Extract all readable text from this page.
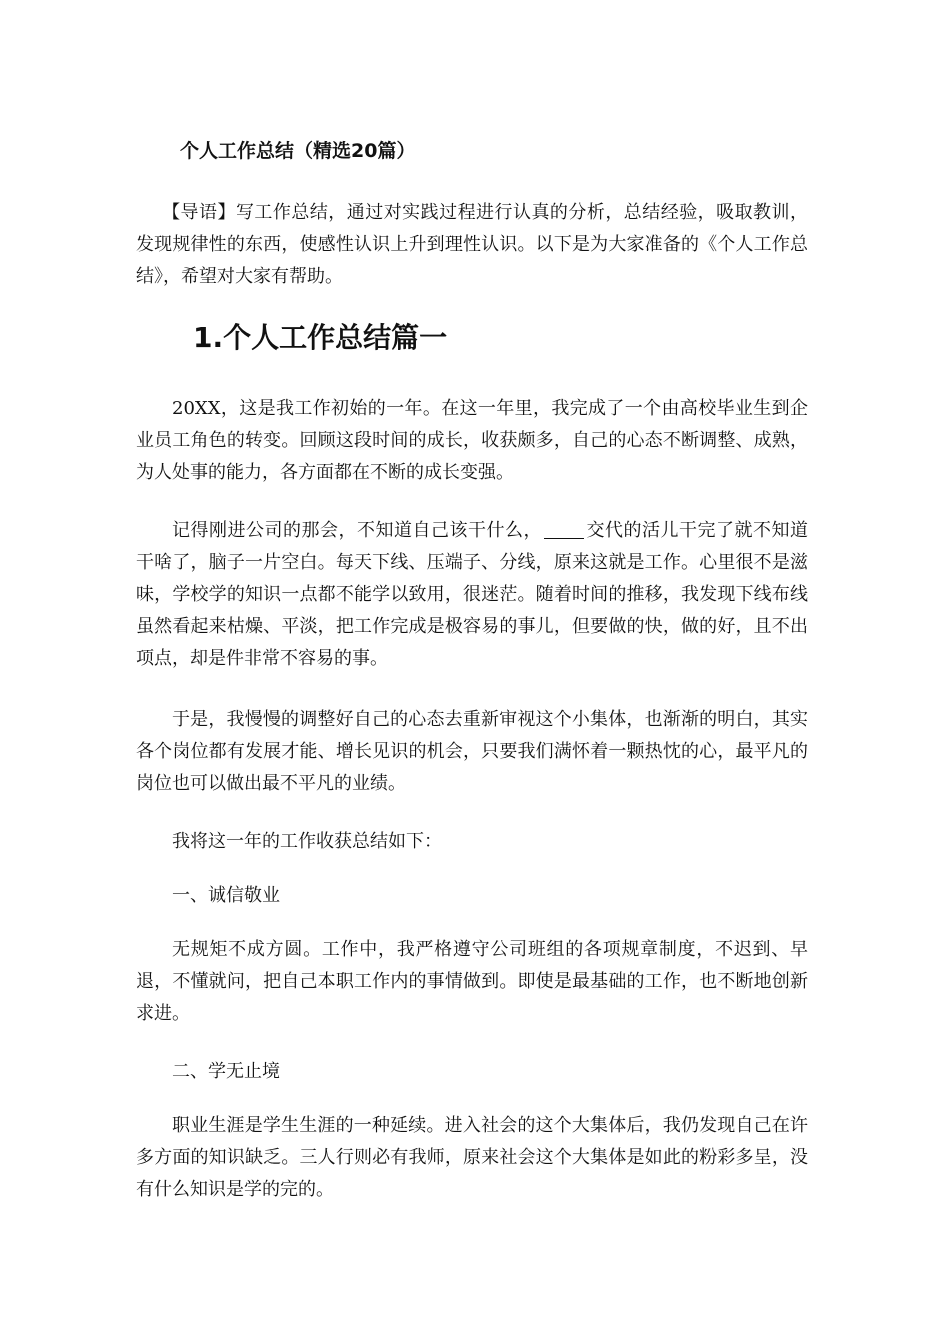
个人工作总结（精选20篇）

【导语】写工作总结，通过对实践过程进行认真的分析，总结经验，吸取教训，发现规律性的东西，使感性认识上升到理性认识。以下是为大家准备的《个人工作总结》，希望对大家有帮助。

1.个人工作总结篇一

20XX，这是我工作初始的一年。在这一年里，我完成了一个由高校毕业生到企业员工角色的转变。回顾这段时间的成长，收获颇多，自己的心态不断调整、成熟，为人处事的能力，各方面都在不断的成长变强。

记得刚进公司的那会，不知道自己该干什么， 交代的活儿干完了就不知道干啥了，脑子一片空白。每天下线、压端子、分线，原来这就是工作。心里很不是滋味，学校学的知识一点都不能学以致用，很迷茫。随着时间的推移，我发现下线布线虽然看起来枯燥、平淡，把工作完成是极容易的事儿，但要做的快，做的好，且不出项点，却是件非常不容易的事。

于是，我慢慢的调整好自己的心态去重新审视这个小集体，也渐渐的明白，其实各个岗位都有发展才能、增长见识的机会，只要我们满怀着一颗热忱的心，最平凡的岗位也可以做出最不平凡的业绩。

我将这一年的工作收获总结如下：

一、诚信敬业

无规矩不成方圆。工作中，我严格遵守公司班组的各项规章制度，不迟到、早退，不懂就问，把自己本职工作内的事情做到。即使是最基础的工作，也不断地创新求进。

二、学无止境

职业生涯是学生生涯的一种延续。进入社会的这个大集体后，我仍发现自己在许多方面的知识缺乏。三人行则必有我师，原来社会这个大集体是如此的粉彩多呈，没有什么知识是学的完的。
